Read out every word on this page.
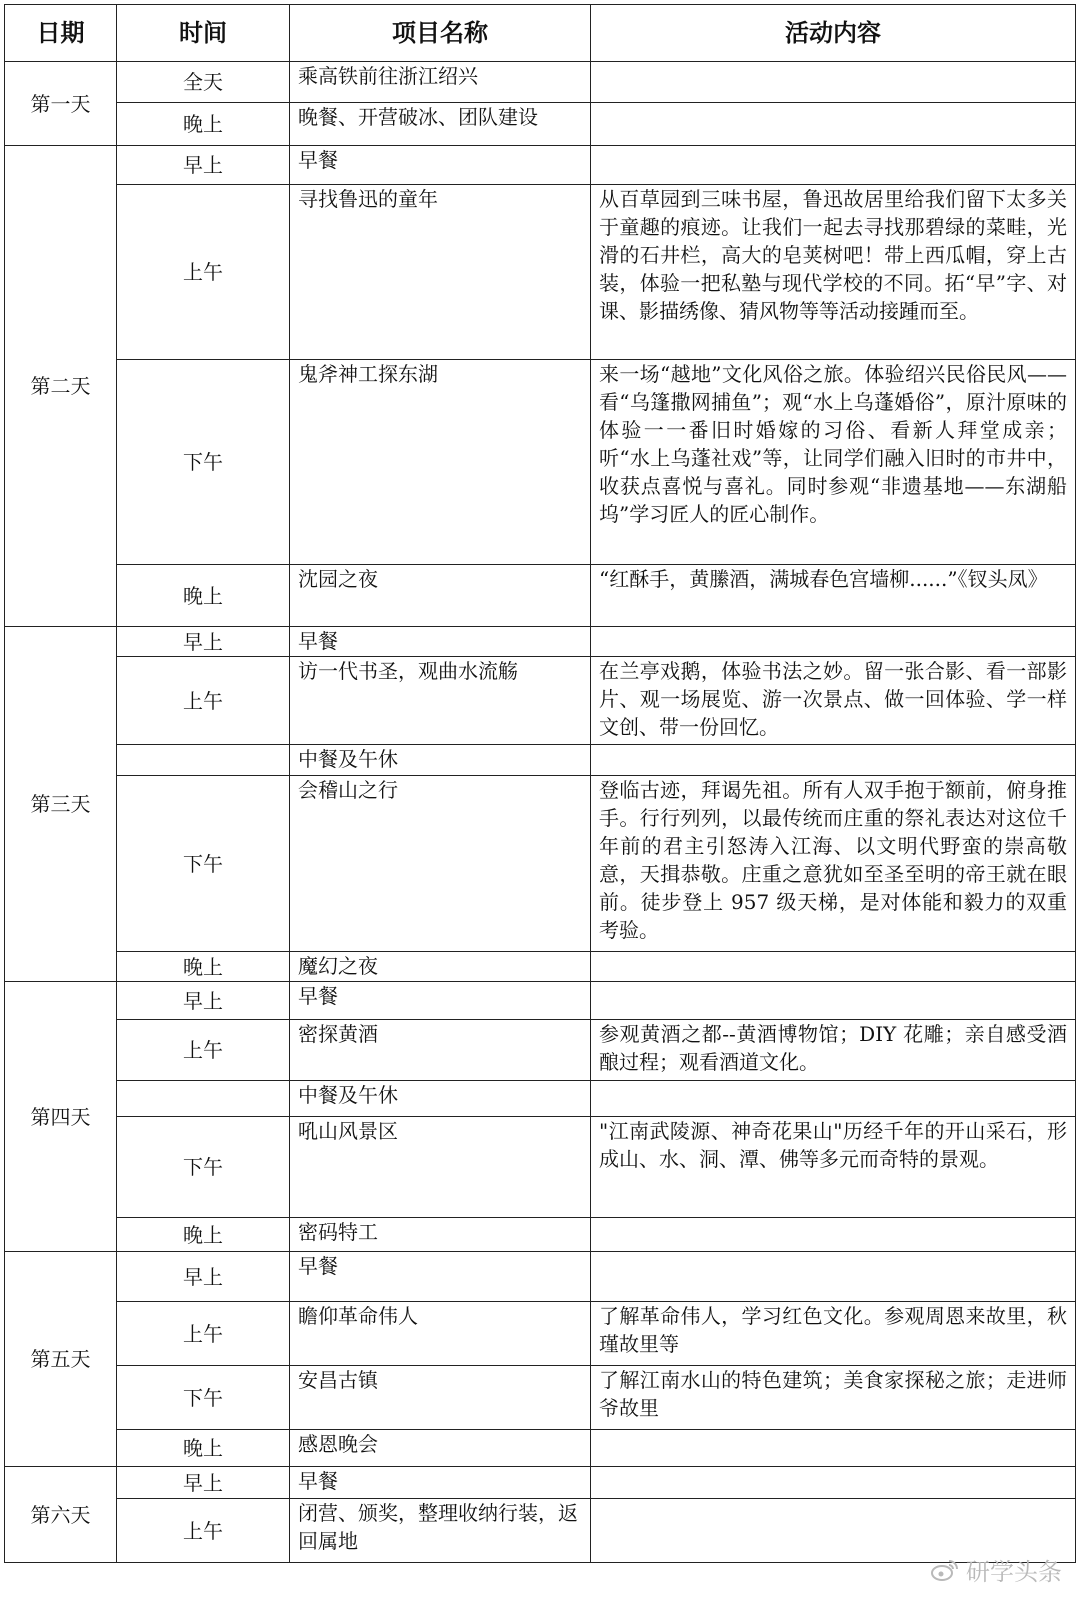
日期	时间	项目名称	活动内容
第一天	全天	乘高铁前往浙江绍兴	
	晚上	晚餐、开营破冰、团队建设	
第二天	早上	早餐	
	上午	寻找鲁迅的童年	从百草园到三味书屋，鲁迅故居里给我们留下太多关于童趣的痕迹。让我们一起去寻找那碧绿的菜畦，光滑的石井栏，高大的皂荚树吧！带上西瓜帽，穿上古装，体验一把私塾与现代学校的不同。拓“早”字、对课、影描绣像、猜风物等等活动接踵而至。
	下午	鬼斧神工探东湖	来一场“越地”文化风俗之旅。体验绍兴民俗民风——看“乌篷撒网捕鱼”；观“水上乌蓬婚俗”，原汁原味的体验一一番旧时婚嫁的习俗、看新人拜堂成亲；听“水上乌蓬社戏”等，让同学们融入旧时的市井中，收获点喜悦与喜礼。同时参观“非遗基地——东湖船坞”学习匠人的匠心制作。
	晚上	沈园之夜	“红酥手，黄縢酒，满城春色宫墙柳......”《钗头凤》
第三天	早上	早餐	
	上午	访一代书圣，观曲水流觞	在兰亭戏鹅，体验书法之妙。留一张合影、看一部影片、观一场展览、游一次景点、做一回体验、学一样文创、带一份回忆。
		中餐及午休	
	下午	会稽山之行	登临古迹，拜谒先祖。所有人双手抱于额前，俯身推手。行行列列，以最传统而庄重的祭礼表达对这位千年前的君主引怒涛入江海、以文明代野蛮的崇高敬意，天揖恭敬。庄重之意犹如至圣至明的帝王就在眼前。徒步登上 957 级天梯，是对体能和毅力的双重考验。
	晚上	魔幻之夜	
第四天	早上	早餐	
	上午	密探黄酒	参观黄酒之都--黄酒博物馆；DIY 花雕；亲自感受酒酿过程；观看酒道文化。
		中餐及午休	
	下午	吼山风景区	"江南武陵源、神奇花果山"历经千年的开山采石，形成山、水、洞、潭、佛等多元而奇特的景观。
	晚上	密码特工	
第五天	早上	早餐	
	上午	瞻仰革命伟人	了解革命伟人，学习红色文化。参观周恩来故里，秋瑾故里等
	下午	安昌古镇	了解江南水山的特色建筑；美食家探秘之旅；走进师爷故里
	晚上	感恩晚会	
第六天	早上	早餐	
	上午	闭营、颁奖，整理收纳行装，返回属地	
研学头条
